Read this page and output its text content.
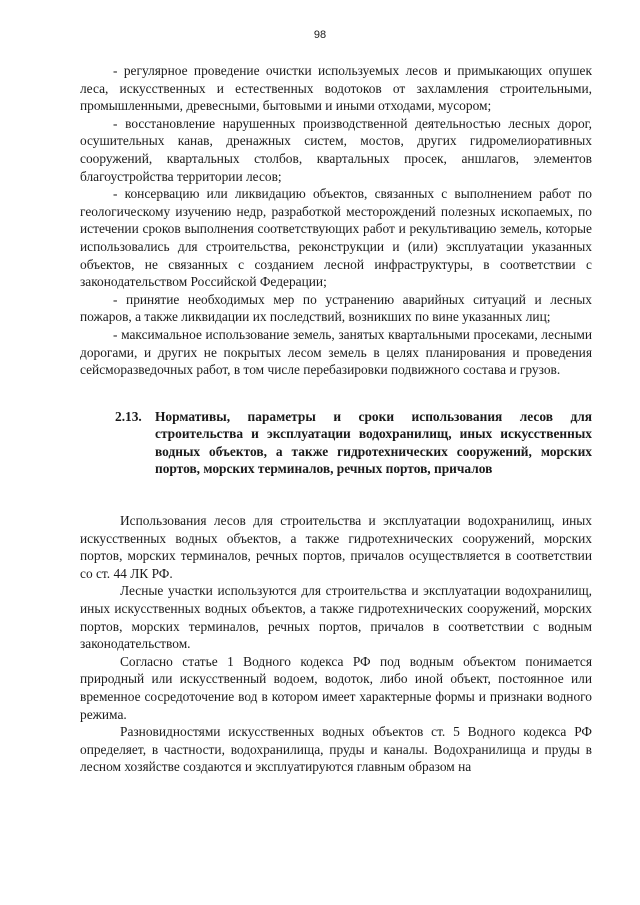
98

- регулярное проведение очистки используемых лесов и примыкающих опушек леса, искусственных и естественных водотоков от захламления строительными, промышленными, древесными, бытовыми и иными отходами, мусором;

- восстановление нарушенных производственной деятельностью лесных дорог, осушительных канав, дренажных систем, мостов, других гидромелиоративных сооружений, квартальных столбов, квартальных просек, аншлагов, элементов благоустройства территории лесов;

- консервацию или ликвидацию объектов, связанных с выполнением работ по геологическому изучению недр, разработкой месторождений полезных ископаемых, по истечении сроков выполнения соответствующих работ и рекультивацию земель, которые использовались для строительства, реконструкции и (или) эксплуатации указанных объектов, не связанных с созданием лесной инфраструктуры, в соответствии с законодательством Российской Федерации;

- принятие необходимых мер по устранению аварийных ситуаций и лесных пожаров, а также ликвидации их последствий, возникших по вине указанных лиц;

- максимальное использование земель, занятых квартальными просеками, лесными дорогами, и других не покрытых лесом земель в целях планирования и проведения сейсморазведочных работ, в том числе перебазировки подвижного состава и грузов.

2.13. Нормативы, параметры и сроки использования лесов для строительства и эксплуатации водохранилищ, иных искусственных водных объектов, а также гидротехнических сооружений, морских портов, морских терминалов, речных портов, причалов

Использования лесов для строительства и эксплуатации водохранилищ, иных искусственных водных объектов, а также гидротехнических сооружений, морских портов, морских терминалов, речных портов, причалов осуществляется в соответствии со ст. 44 ЛК РФ.

Лесные участки используются для строительства и эксплуатации водохранилищ, иных искусственных водных объектов, а также гидротехнических сооружений, морских портов, морских терминалов, речных портов, причалов в соответствии с водным законодательством.

Согласно статье 1 Водного кодекса РФ под водным объектом понимается природный или искусственный водоем, водоток, либо иной объект, постоянное или временное сосредоточение вод в котором имеет характерные формы и признаки водного режима.

Разновидностями искусственных водных объектов ст. 5 Водного кодекса РФ определяет, в частности, водохранилища, пруды и каналы. Водохранилища и пруды в лесном хозяйстве создаются и эксплуатируются главным образом на
